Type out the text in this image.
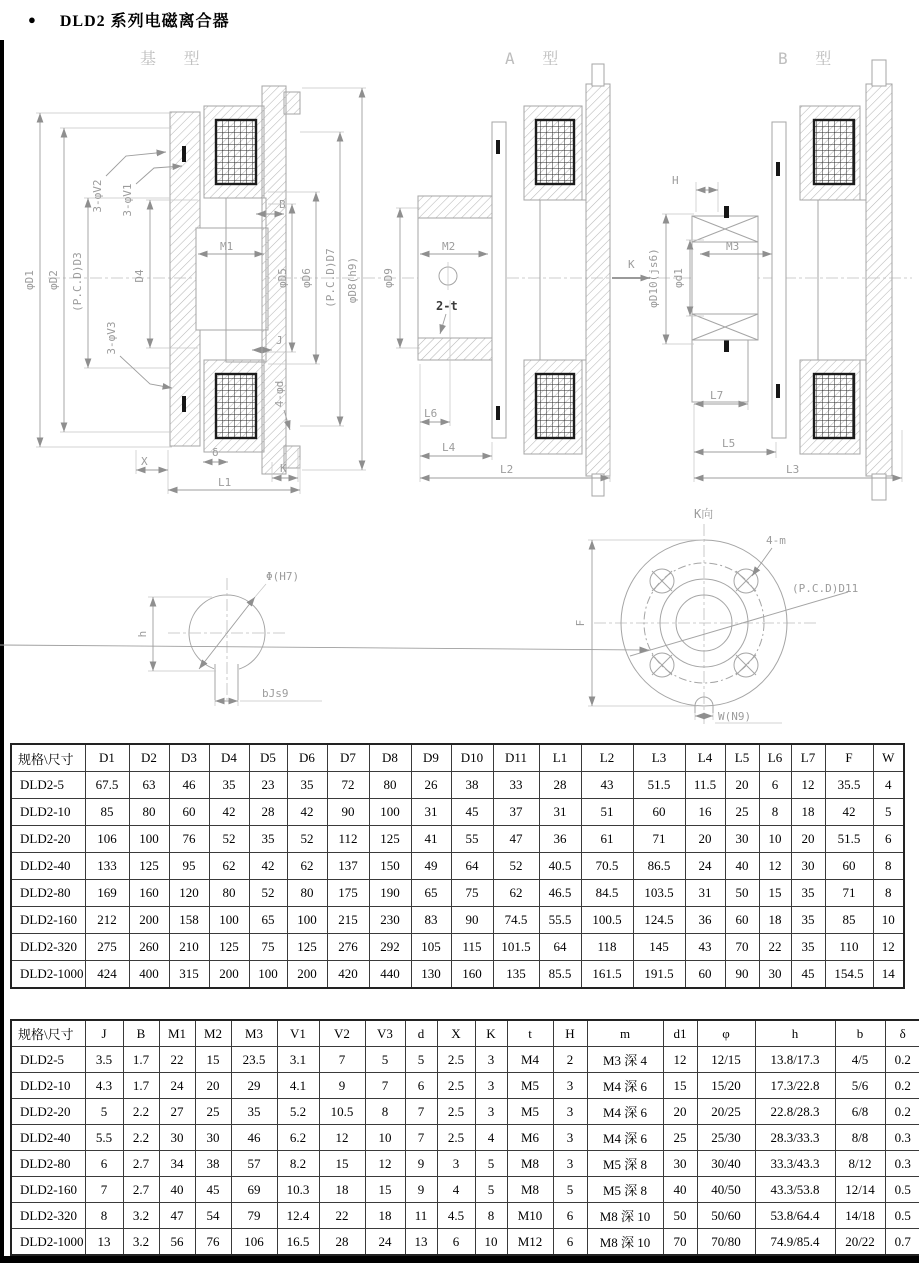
● DLD2 系列电磁离合器
基 型	A 型	B 型
φD1 φD2 (P.C.D)D3	D4
3-φV2 3-φV1
3-φV3
B
M1
J
φD5 φD6 (P.C.D)D7 φD8(h9)
4-φd
X
δ
K
L1
φD9
2-t
K
M2
L6
L4
L2
H
φD10(js6) φd1
M3
L7
L5
L3
h
Φ(H7)
bJs9
K向
4-m
(P.C.D)D11
F
W(N9)
规格\尺寸	D1	D2	D3	D4	D5	D6	D7	D8	D9	D10	D11	L1	L2	L3	L4	L5	L6	L7	F	W
DLD2-5	67.5	63	46	35	23	35	72	80	26	38	33	28	43	51.5	11.5	20	6	12	35.5	4
DLD2-10	85	80	60	42	28	42	90	100	31	45	37	31	51	60	16	25	8	18	42	5
DLD2-20	106	100	76	52	35	52	112	125	41	55	47	36	61	71	20	30	10	20	51.5	6
DLD2-40	133	125	95	62	42	62	137	150	49	64	52	40.5	70.5	86.5	24	40	12	30	60	8
DLD2-80	169	160	120	80	52	80	175	190	65	75	62	46.5	84.5	103.5	31	50	15	35	71	8
DLD2-160	212	200	158	100	65	100	215	230	83	90	74.5	55.5	100.5	124.5	36	60	18	35	85	10
DLD2-320	275	260	210	125	75	125	276	292	105	115	101.5	64	118	145	43	70	22	35	110	12
DLD2-1000	424	400	315	200	100	200	420	440	130	160	135	85.5	161.5	191.5	60	90	30	45	154.5	14
规格\尺寸	J	B	M1	M2	M3	V1	V2	V3	d	X	K	t	H	m	d1	φ	h	b	δ
DLD2-5	3.5	1.7	22	15	23.5	3.1	7	5	5	2.5	3	M4	2	M3 深 4	12	12/15	13.8/17.3	4/5	0.2
DLD2-10	4.3	1.7	24	20	29	4.1	9	7	6	2.5	3	M5	3	M4 深 6	15	15/20	17.3/22.8	5/6	0.2
DLD2-20	5	2.2	27	25	35	5.2	10.5	8	7	2.5	3	M5	3	M4 深 6	20	20/25	22.8/28.3	6/8	0.2
DLD2-40	5.5	2.2	30	30	46	6.2	12	10	7	2.5	4	M6	3	M4 深 6	25	25/30	28.3/33.3	8/8	0.3
DLD2-80	6	2.7	34	38	57	8.2	15	12	9	3	5	M8	3	M5 深 8	30	30/40	33.3/43.3	8/12	0.3
DLD2-160	7	2.7	40	45	69	10.3	18	15	9	4	5	M8	5	M5 深 8	40	40/50	43.3/53.8	12/14	0.5
DLD2-320	8	3.2	47	54	79	12.4	22	18	11	4.5	8	M10	6	M8 深 10	50	50/60	53.8/64.4	14/18	0.5
DLD2-1000	13	3.2	56	76	106	16.5	28	24	13	6	10	M12	6	M8 深 10	70	70/80	74.9/85.4	20/22	0.7
